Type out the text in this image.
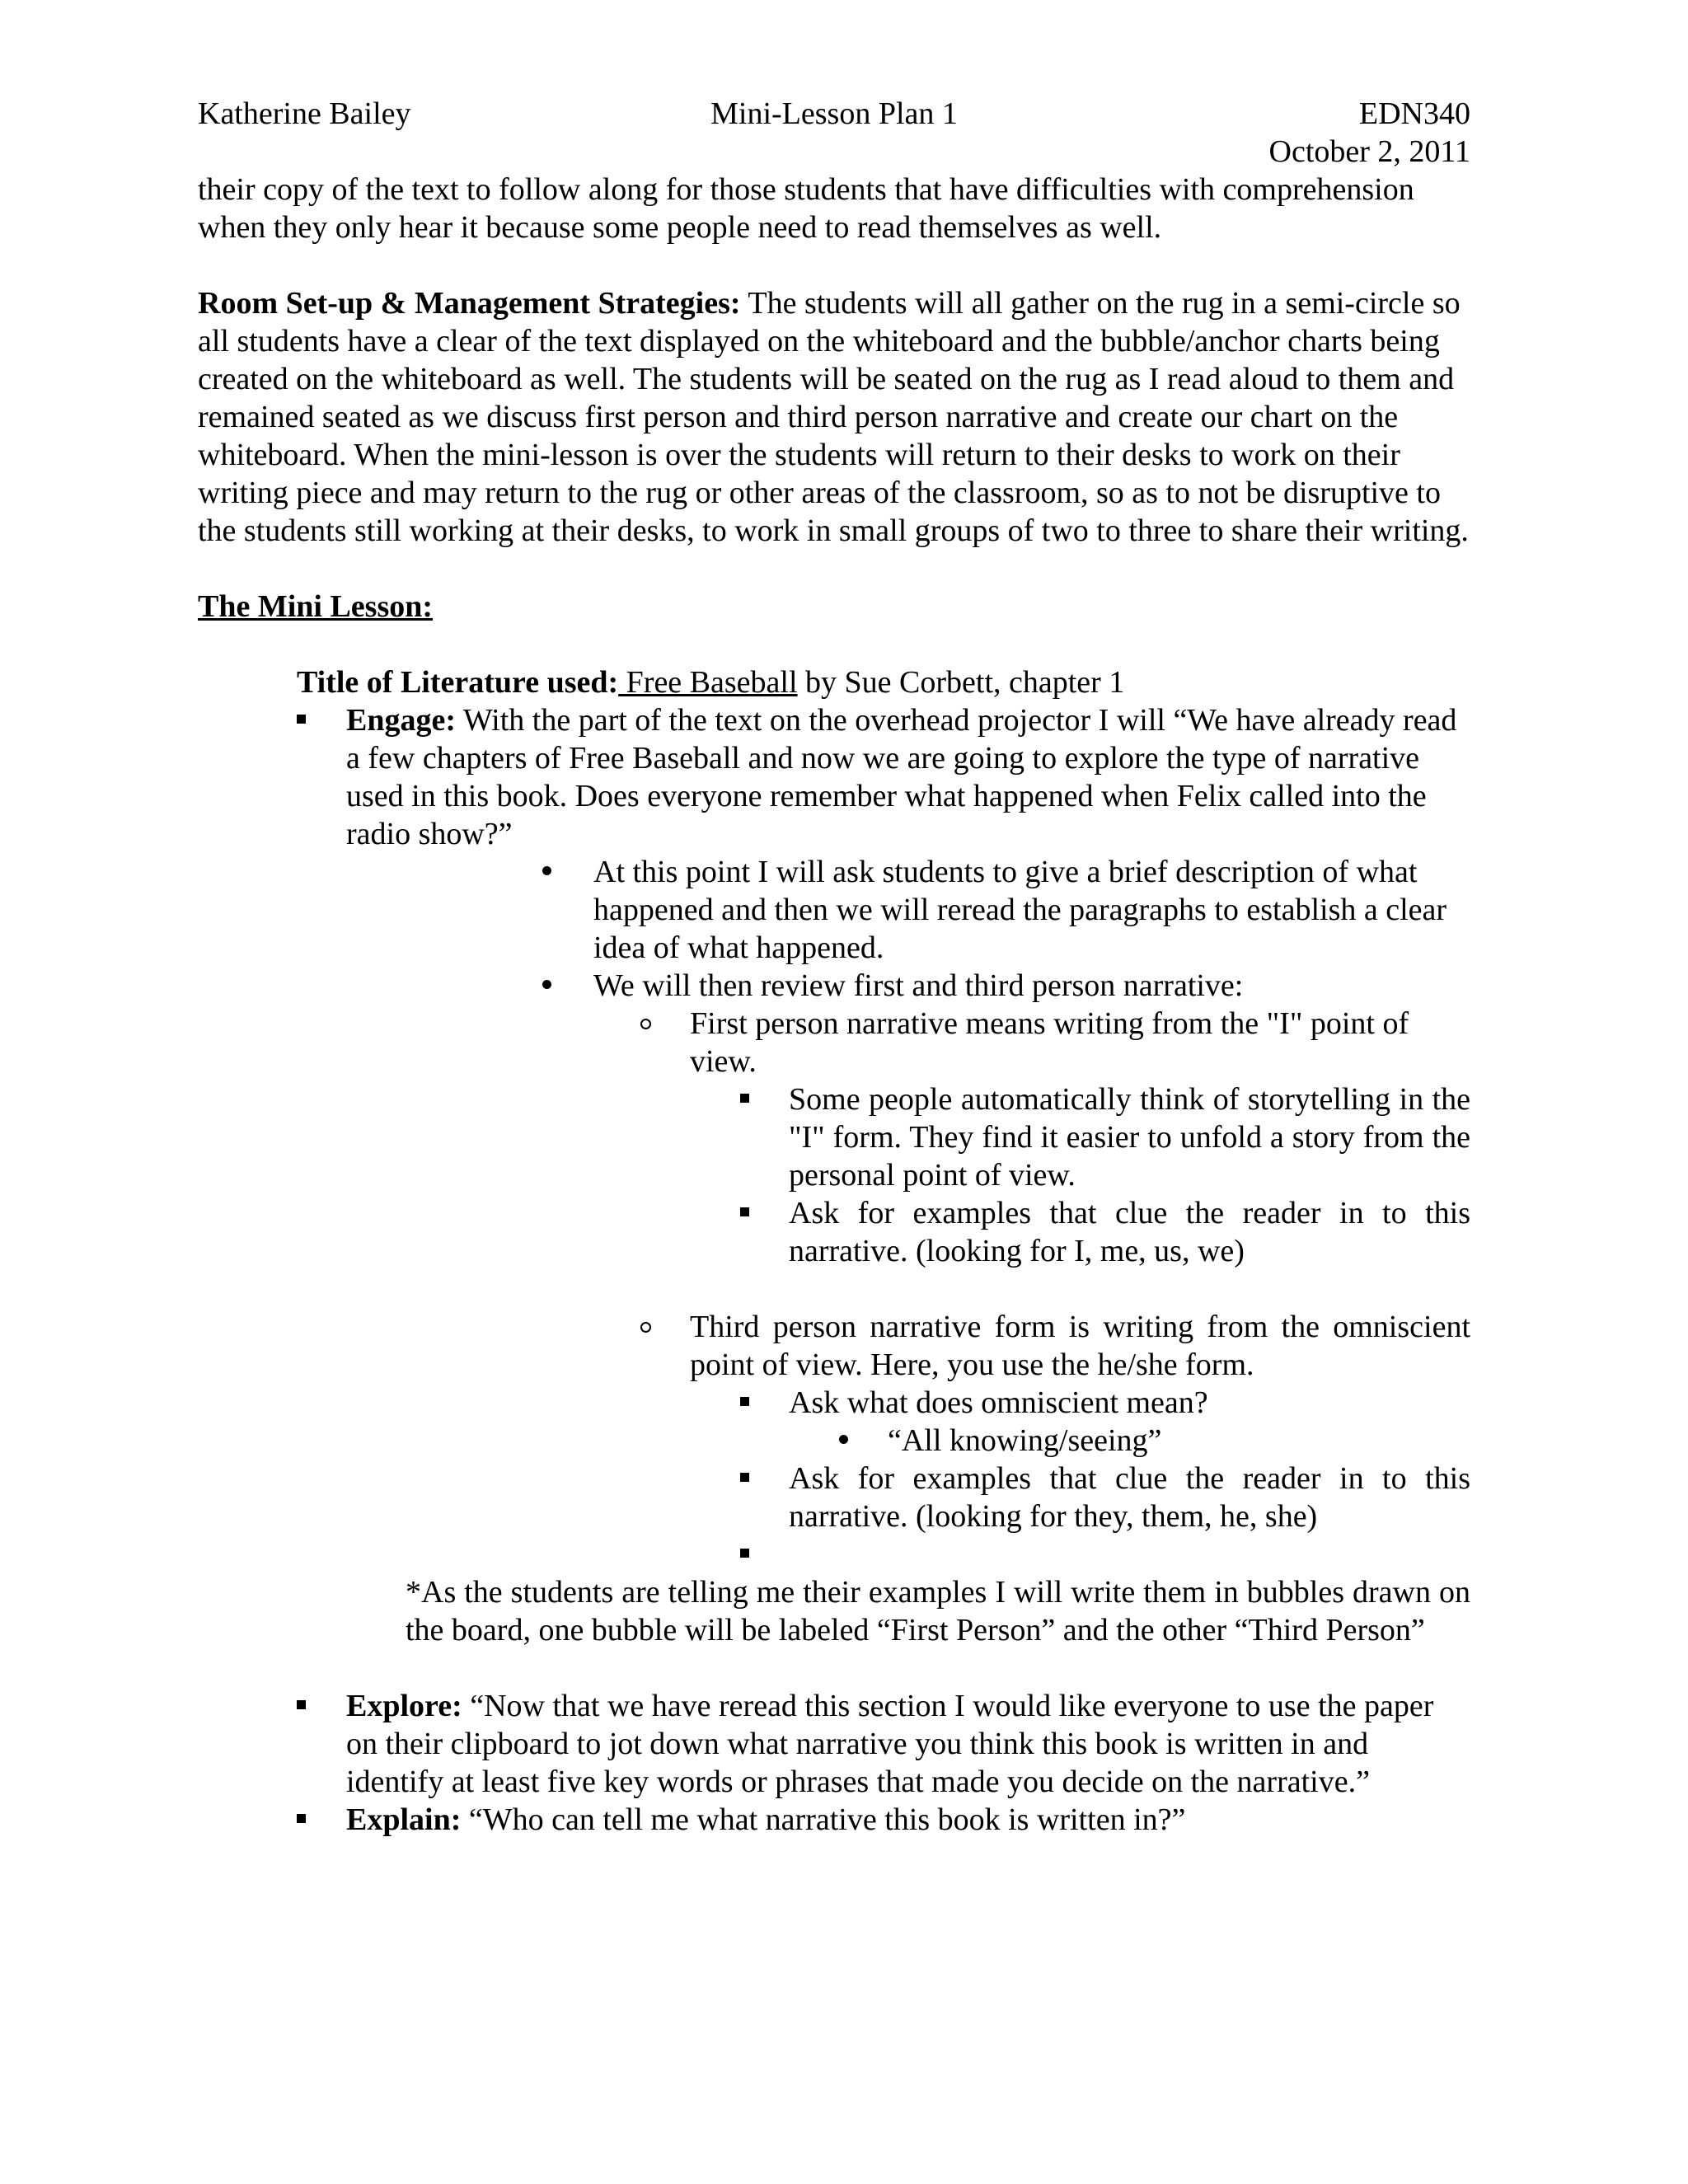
Katherine Bailey	Mini-Lesson Plan 1	EDN340
October 2, 2011

their copy of the text to follow along for those students that have difficulties with comprehension when they only hear it because some people need to read themselves as well.

Room Set-up & Management Strategies: The students will all gather on the rug in a semi-circle so all students have a clear of the text displayed on the whiteboard and the bubble/anchor charts being created on the whiteboard as well. The students will be seated on the rug as I read aloud to them and remained seated as we discuss first person and third person narrative and create our chart on the whiteboard. When the mini-lesson is over the students will return to their desks to work on their writing piece and may return to the rug or other areas of the classroom, so as to not be disruptive to the students still working at their desks, to work in small groups of two to three to share their writing.

The Mini Lesson:

Title of Literature used: Free Baseball by Sue Corbett, chapter 1

Engage: With the part of the text on the overhead projector I will “We have already read a few chapters of Free Baseball and now we are going to explore the type of narrative used in this book. Does everyone remember what happened when Felix called into the radio show?”
At this point I will ask students to give a brief description of what happened and then we will reread the paragraphs to establish a clear idea of what happened.
We will then review first and third person narrative:
First person narrative means writing from the "I" point of view.
Some people automatically think of storytelling in the "I" form. They find it easier to unfold a story from the personal point of view.
Ask for examples that clue the reader in to this narrative. (looking for I, me, us, we)
Third person narrative form is writing from the omniscient point of view. Here, you use the he/she form.
Ask what does omniscient mean?
“All knowing/seeing”
Ask for examples that clue the reader in to this narrative. (looking for they, them, he, she)

*As the students are telling me their examples I will write them in bubbles drawn on the board, one bubble will be labeled “First Person” and the other “Third Person”

Explore: “Now that we have reread this section I would like everyone to use the paper on their clipboard to jot down what narrative you think this book is written in and identify at least five key words or phrases that made you decide on the narrative.”
Explain: “Who can tell me what narrative this book is written in?”
